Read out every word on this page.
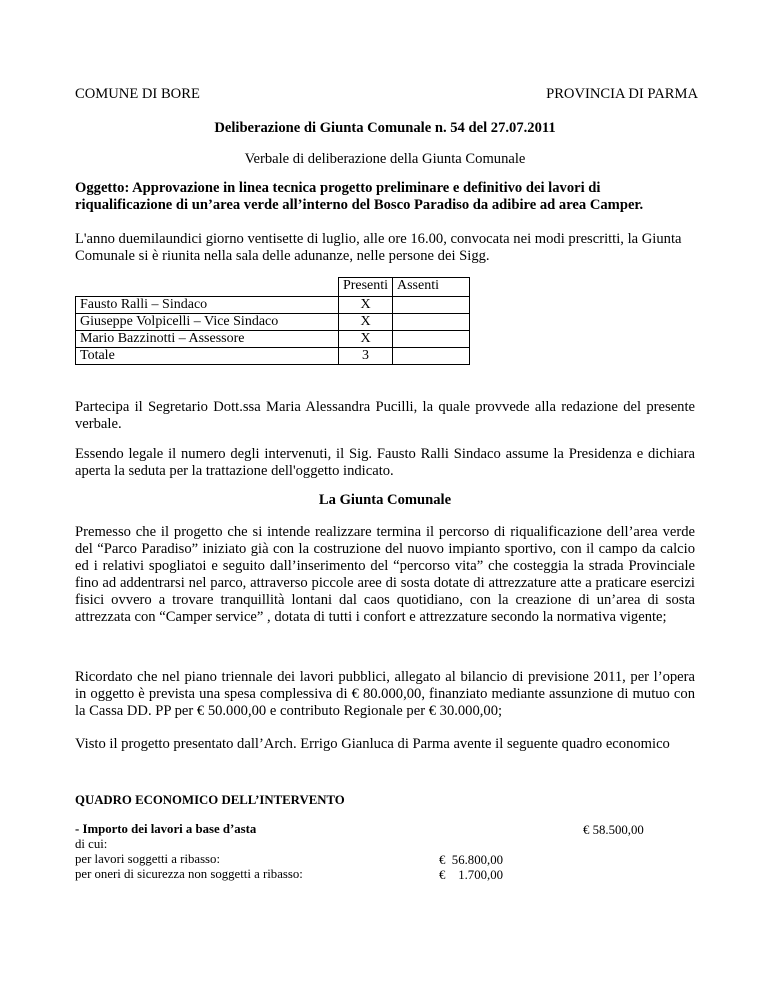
COMUNE DI BORE	PROVINCIA DI PARMA
Deliberazione di Giunta Comunale n. 54 del 27.07.2011
Verbale di deliberazione della Giunta Comunale
Oggetto: Approvazione in linea tecnica progetto preliminare e definitivo dei lavori di riqualificazione di un’area verde all’interno del Bosco Paradiso da adibire ad area Camper.
L'anno duemilaundici giorno ventisette di luglio, alle ore 16.00, convocata nei modi prescritti, la Giunta Comunale si è riunita nella sala delle adunanze, nelle persone dei Sigg.
	Presenti	Assenti
Fausto Ralli – Sindaco	X	
Giuseppe Volpicelli – Vice Sindaco	X	
Mario Bazzinotti – Assessore	X	
Totale	3	
Partecipa il Segretario Dott.ssa Maria Alessandra Pucilli, la quale provvede alla redazione del presente verbale.
Essendo legale il numero degli intervenuti, il Sig. Fausto Ralli Sindaco assume la Presidenza e dichiara aperta la seduta per la trattazione dell'oggetto indicato.
La Giunta Comunale
Premesso che il progetto che si intende realizzare termina il percorso di riqualificazione dell’area verde del “Parco Paradiso” iniziato già con la costruzione del nuovo impianto sportivo, con il campo da calcio ed i relativi spogliatoi e seguito dall’inserimento del “percorso vita” che costeggia la strada Provinciale fino ad addentrarsi nel parco, attraverso piccole aree di sosta dotate di attrezzature atte a praticare esercizi fisici ovvero a trovare tranquillità lontani dal caos quotidiano, con la creazione di un’area di sosta attrezzata con “Camper service” , dotata di tutti i confort e attrezzature secondo la normativa vigente;
Ricordato che nel piano triennale dei lavori pubblici, allegato al bilancio di previsione 2011, per l’opera in oggetto è prevista una spesa complessiva di € 80.000,00, finanziato mediante assunzione di mutuo con la Cassa DD. PP per € 50.000,00 e contributo Regionale per € 30.000,00;
Visto il progetto presentato dall’Arch. Errigo Gianluca di Parma avente il seguente quadro economico
QUADRO ECONOMICO DELL’INTERVENTO
- Importo dei lavori a base d’asta	€ 58.500,00
di cui:
per lavori soggetti a ribasso:	€  56.800,00
per oneri di sicurezza non soggetti a ribasso:	€    1.700,00
